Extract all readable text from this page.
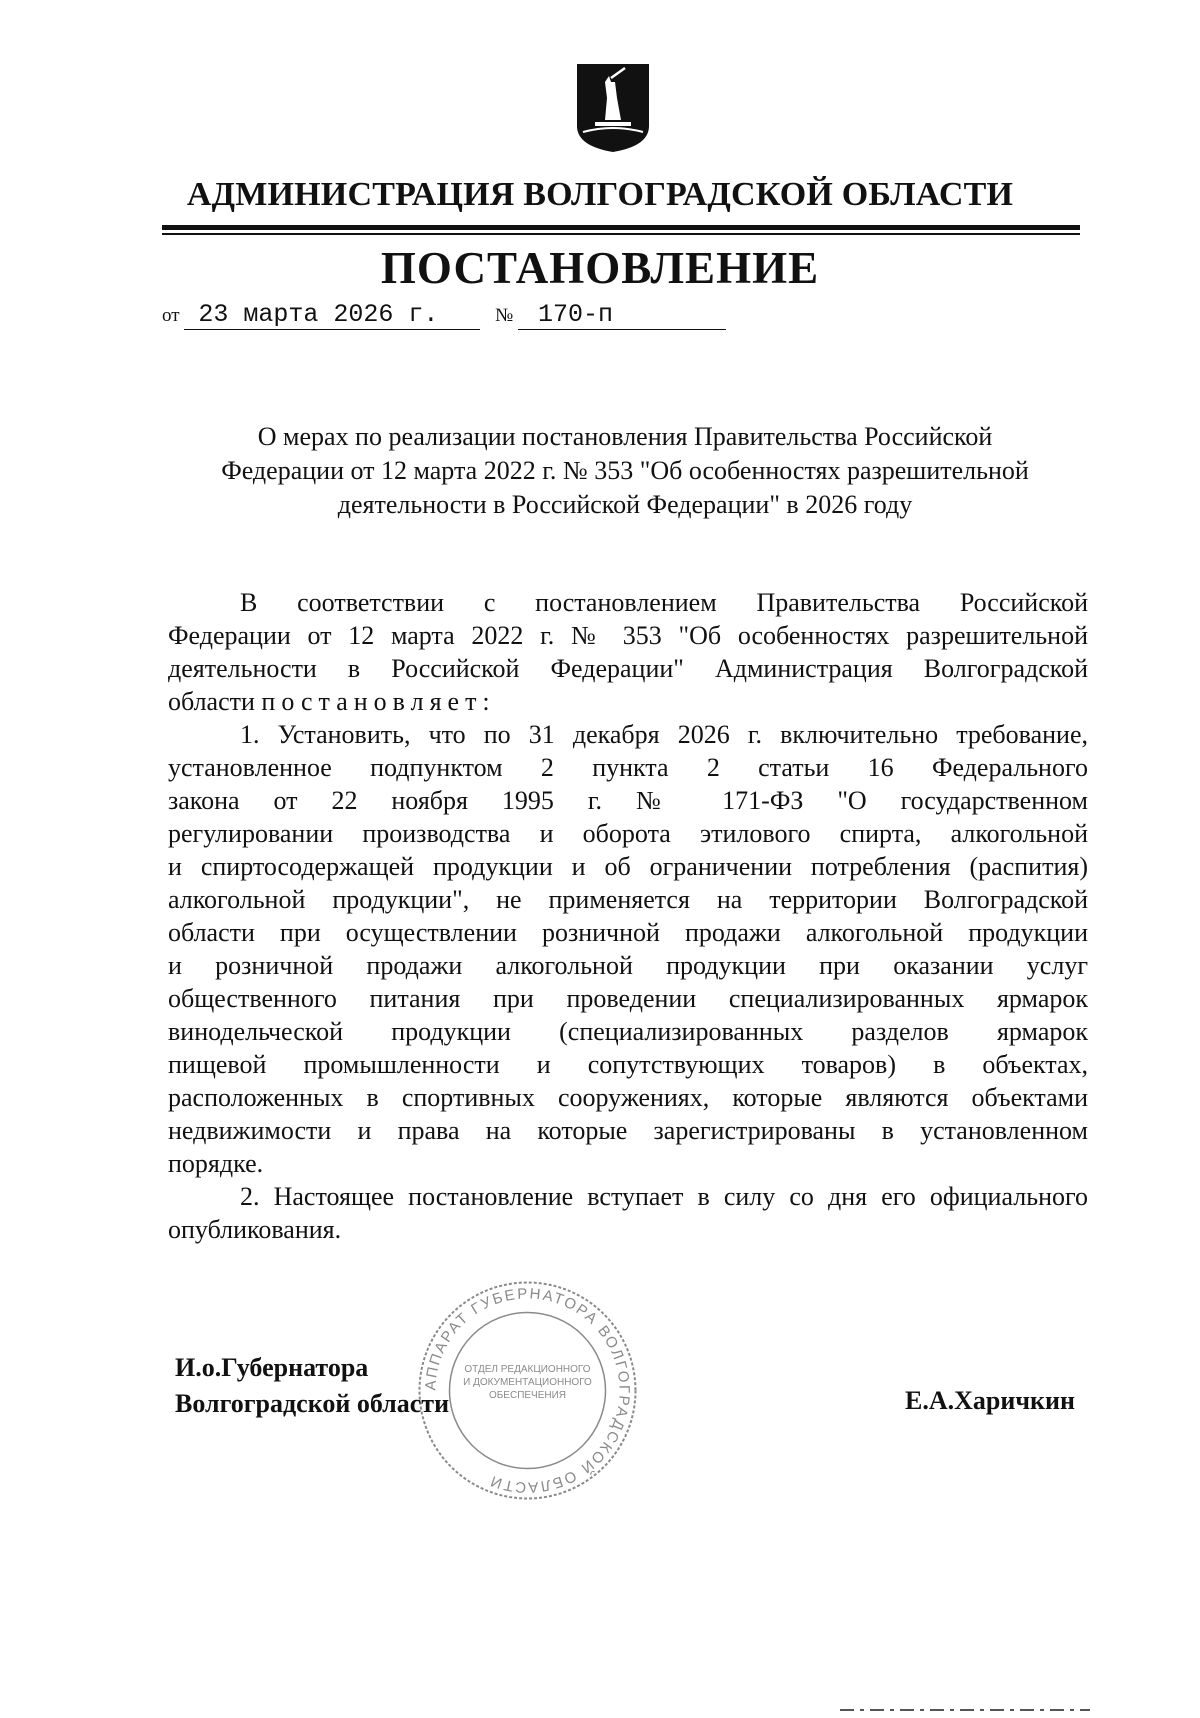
АДМИНИСТРАЦИЯ ВОЛГОГРАДСКОЙ ОБЛАСТИ
ПОСТАНОВЛЕНИЕ
от 23 марта 2026 г.	№ 170-п
О мерах по реализации постановления Правительства Российской
Федерации от 12 марта 2022 г. № 353 "Об особенностях разрешительной
деятельности в Российской Федерации" в 2026 году
В соответствии с постановлением Правительства Российской
Федерации от 12 марта 2022 г. № 353 "Об особенностях разрешительной
деятельности в Российской Федерации" Администрация Волгоградской
области постановляет:
1. Установить, что по 31 декабря 2026 г. включительно требование,
установленное подпунктом 2 пункта 2 статьи 16 Федерального
закона от 22 ноября 1995 г. № 171-ФЗ "О государственном
регулировании производства и оборота этилового спирта, алкогольной
и спиртосодержащей продукции и об ограничении потребления (распития)
алкогольной продукции", не применяется на территории Волгоградской
области при осуществлении розничной продажи алкогольной продукции
и розничной продажи алкогольной продукции при оказании услуг
общественного питания при проведении специализированных ярмарок
винодельческой продукции (специализированных разделов ярмарок
пищевой промышленности и сопутствующих товаров) в объектах,
расположенных в спортивных сооружениях, которые являются объектами
недвижимости и права на которые зарегистрированы в установленном
порядке.
2. Настоящее постановление вступает в силу со дня его официального
опубликования.
АППАРАТ ГУБЕРНАТОРА ВОЛГОГРАДСКОЙ ОБЛАСТИ
ОТДЕЛ РЕДАКЦИОННОГО И ДОКУМЕНТАЦИОННОГО ОБЕСПЕЧЕНИЯ
И.о.Губернатора
Волгоградской области	Е.А.Харичкин
